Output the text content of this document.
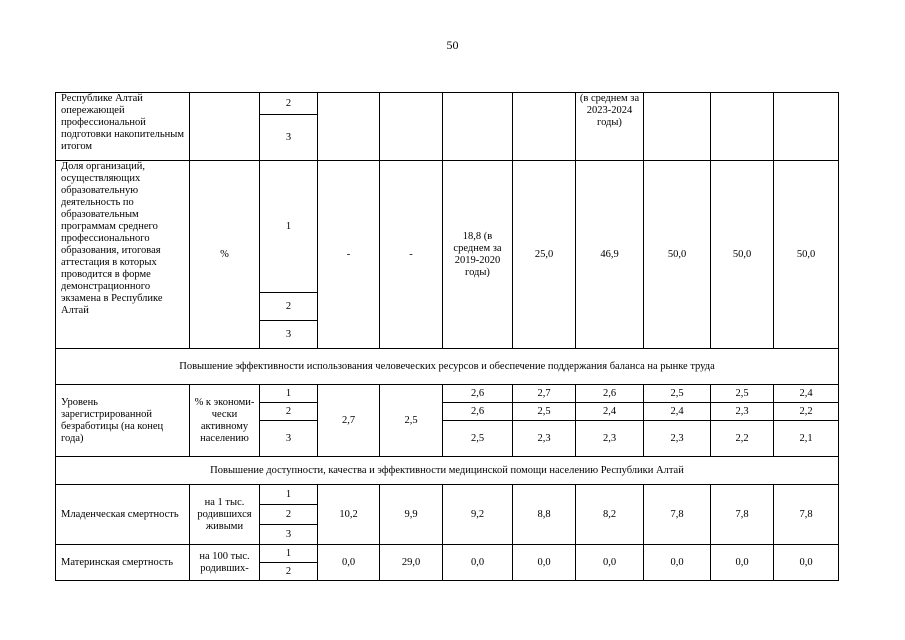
50
Республике Алтай опережающей профессиональной подготовки накопительным итогом		2					(в среднем за 2023-2024 годы)			
		3								
Доля организаций, осуществляющих образовательную деятельность по образовательным программам среднего профессионального образования, итоговая аттестация в которых проводится в форме демонстрационного экзамена в Республике Алтай	%	1	-	-	18,8 (в среднем за 2019-2020 годы)	25,0	46,9	50,0	50,0	50,0
		2								
		3								
Повышение эффективности использования человеческих ресурсов и обеспечение поддержания баланса на рынке труда										
Уровень зарегистрированной безработицы (на конец года)	% к экономи-чески активному населению	1	2,7	2,5	2,6	2,7	2,6	2,5	2,5	2,4
		2			2,6	2,5	2,4	2,4	2,3	2,2
		3			2,5	2,3	2,3	2,3	2,2	2,1
Повышение доступности, качества и эффективности медицинской помощи населению Республики Алтай										
Младенческая смертность	на 1 тыс. родившихся живыми	1	10,2	9,9	9,2	8,8	8,2	7,8	7,8	7,8
		2								
		3								
Материнская смертность	на 100 тыс. родивших-	1	0,0	29,0	0,0	0,0	0,0	0,0	0,0	0,0
		2								
